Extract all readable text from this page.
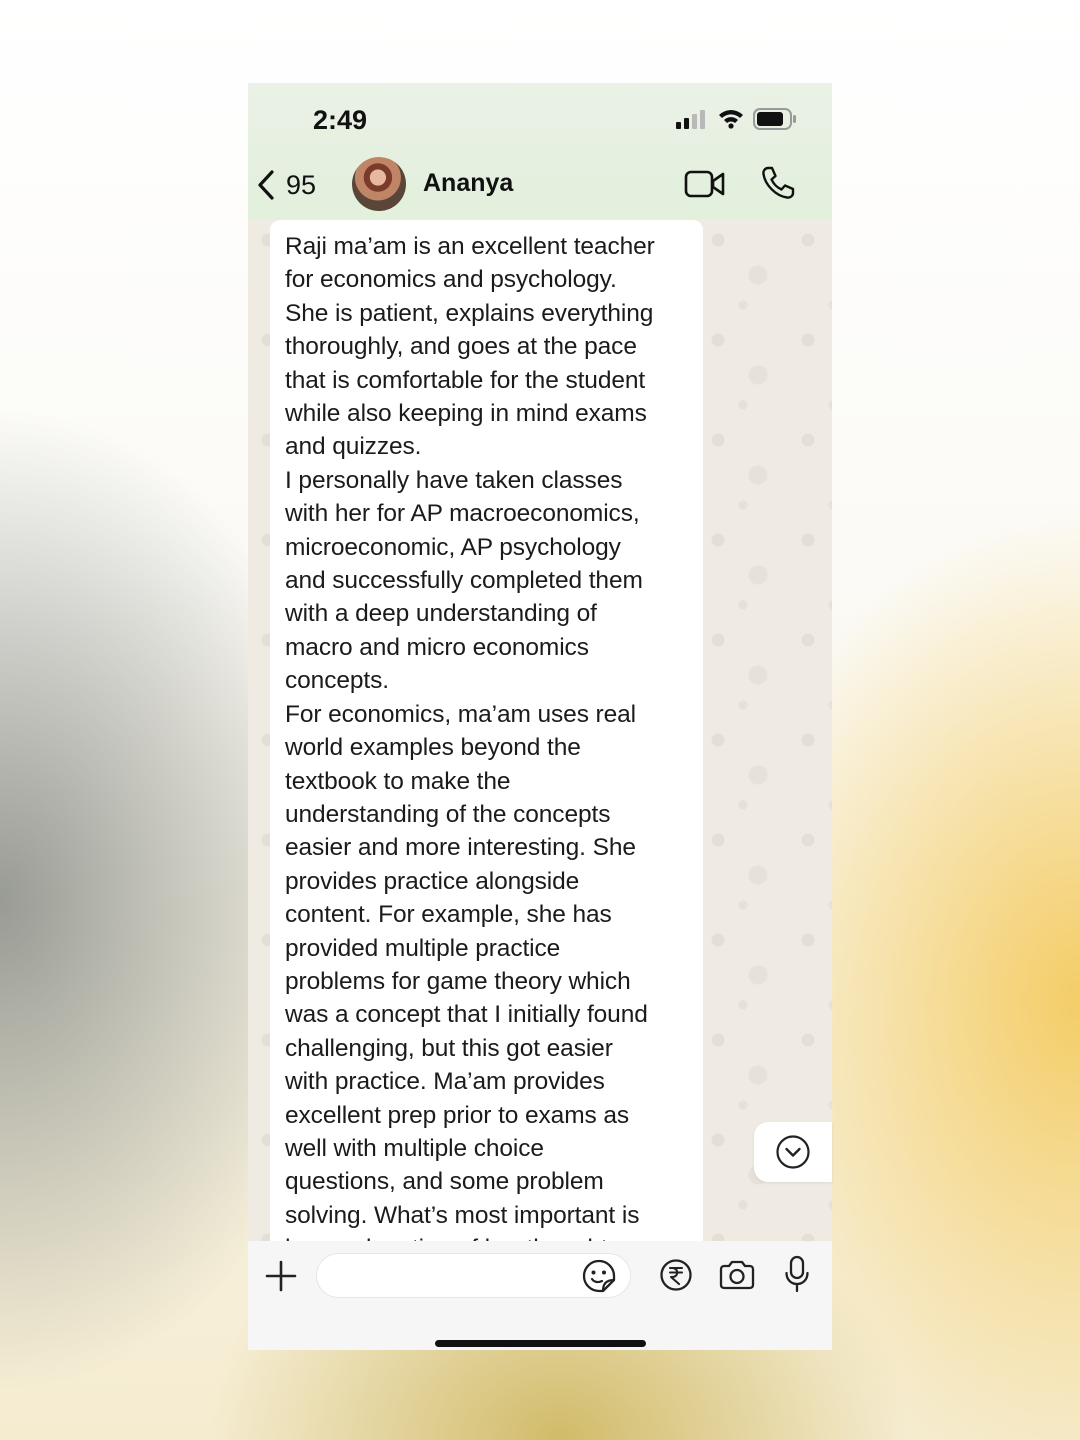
2:49
95	Ananya

Raji ma’am is an excellent teacher

for economics and psychology.

She is patient, explains everything

thoroughly, and goes at the pace

that is comfortable for the student

while also keeping in mind exams

and quizzes.

I personally have taken classes

with her for AP macroeconomics,

microeconomic, AP psychology

and successfully completed them

with a deep understanding of

macro and micro economics

concepts.

For economics, ma’am uses real

world examples beyond the

textbook to make the

understanding of the concepts

easier and more interesting. She

provides practice alongside

content. For example, she has

provided multiple practice

problems for game theory which

was a concept that I initially found

challenging, but this got easier

with practice. Ma’am provides

excellent prep prior to exams as

well with multiple choice

questions, and some problem

solving. What’s most important is
